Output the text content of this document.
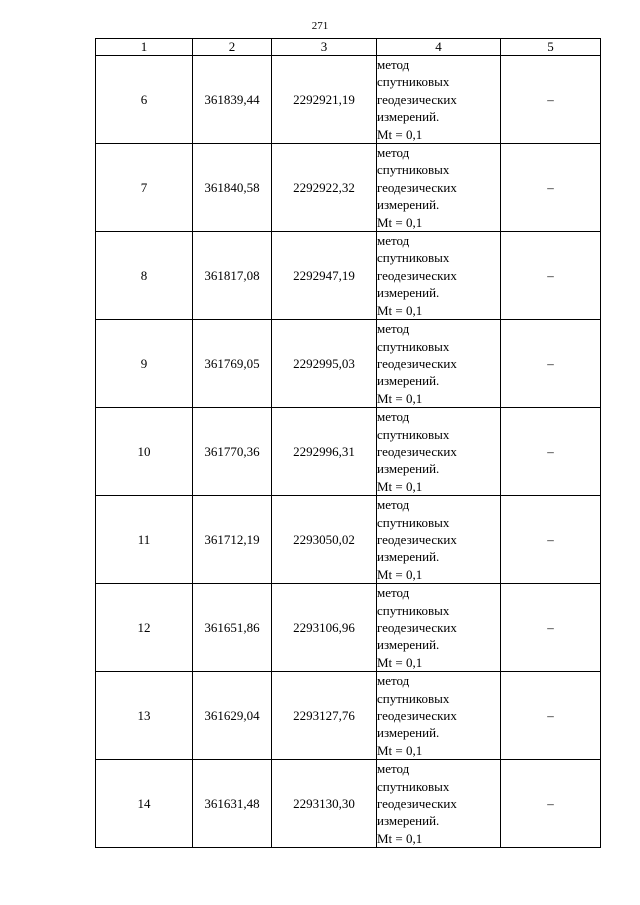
271
1	2	3	4	5
6	361839,44	2292921,19	метод
спутниковых
геодезических
измерений.
Mt = 0,1	–
7	361840,58	2292922,32	метод
спутниковых
геодезических
измерений.
Mt = 0,1	–
8	361817,08	2292947,19	метод
спутниковых
геодезических
измерений.
Mt = 0,1	–
9	361769,05	2292995,03	метод
спутниковых
геодезических
измерений.
Mt = 0,1	–
10	361770,36	2292996,31	метод
спутниковых
геодезических
измерений.
Mt = 0,1	–
11	361712,19	2293050,02	метод
спутниковых
геодезических
измерений.
Mt = 0,1	–
12	361651,86	2293106,96	метод
спутниковых
геодезических
измерений.
Mt = 0,1	–
13	361629,04	2293127,76	метод
спутниковых
геодезических
измерений.
Mt = 0,1	–
14	361631,48	2293130,30	метод
спутниковых
геодезических
измерений.
Mt = 0,1	–
